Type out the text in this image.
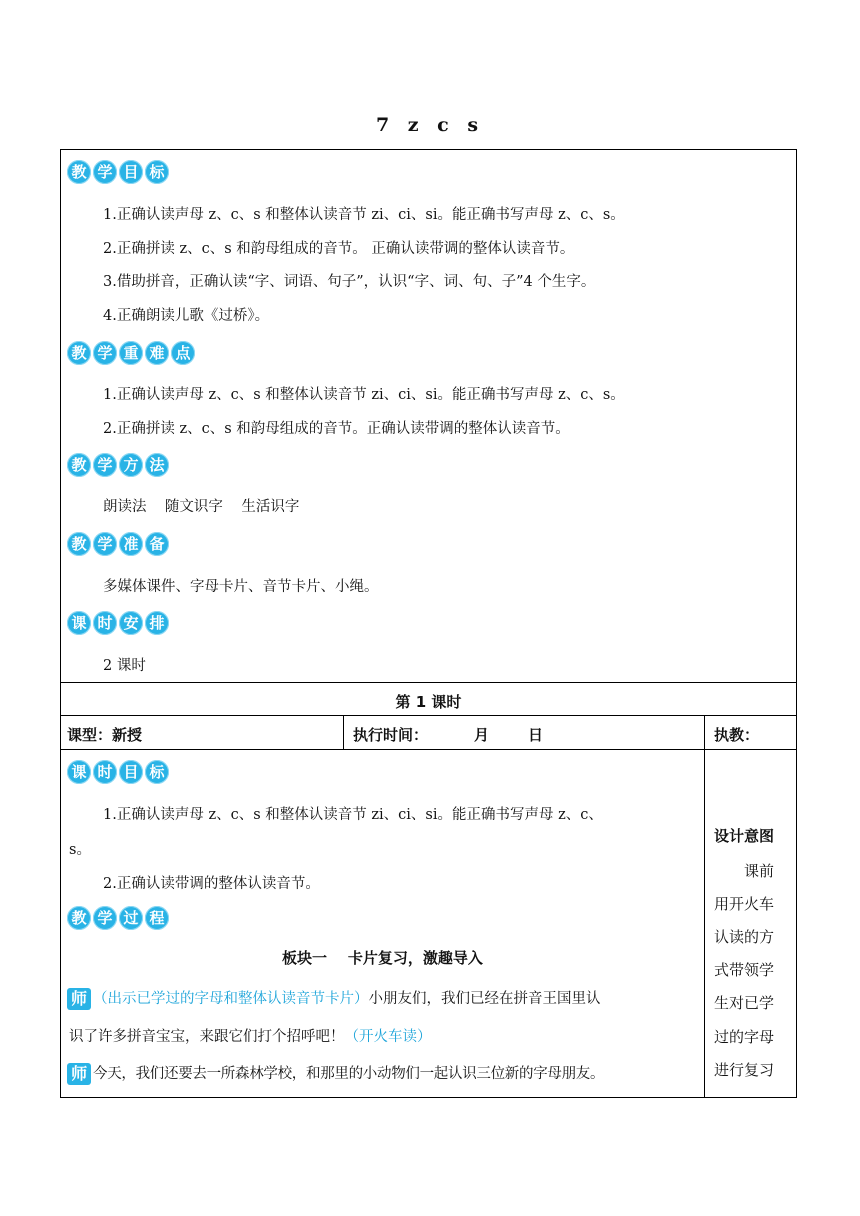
7 z c s
教 学 目 标
1.正确认读声母 z、c、s 和整体认读音节 zi、ci、si。能正确书写声母 z、c、s。
2.正确拼读 z、c、s 和韵母组成的音节。 正确认读带调的整体认读音节。
3.借助拼音，正确认读“字、词语、句子”，认识“字、词、句、子”4 个生字。
4.正确朗读儿歌《过桥》。
教 学 重 难 点
1.正确认读声母 z、c、s 和整体认读音节 zi、ci、si。能正确书写声母 z、c、s。
2.正确拼读 z、c、s 和韵母组成的音节。正确认读带调的整体认读音节。
教 学 方 法
朗读法    随文识字    生活识字
教 学 准 备
多媒体课件、字母卡片、音节卡片、小绳。
课 时 安 排
2 课时
第 1 课时
课型：新授	执行时间：	月	日	执教：
设计意图
课前
用开火车
认读的方
式带领学
生对已学
过的字母
进行复习
课 时 目 标
1.正确认读声母 z、c、s 和整体认读音节 zi、ci、si。能正确书写声母 z、c、
s。
2.正确认读带调的整体认读音节。
教 学 过 程
板块一    卡片复习，激趣导入
师 （出示已学过的字母和整体认读音节卡片）小朋友们，我们已经在拼音王国里认
识了许多拼音宝宝，来跟它们打个招呼吧！（开火车读）
师 今天，我们还要去一所森林学校，和那里的小动物们一起认识三位新的字母朋友。
